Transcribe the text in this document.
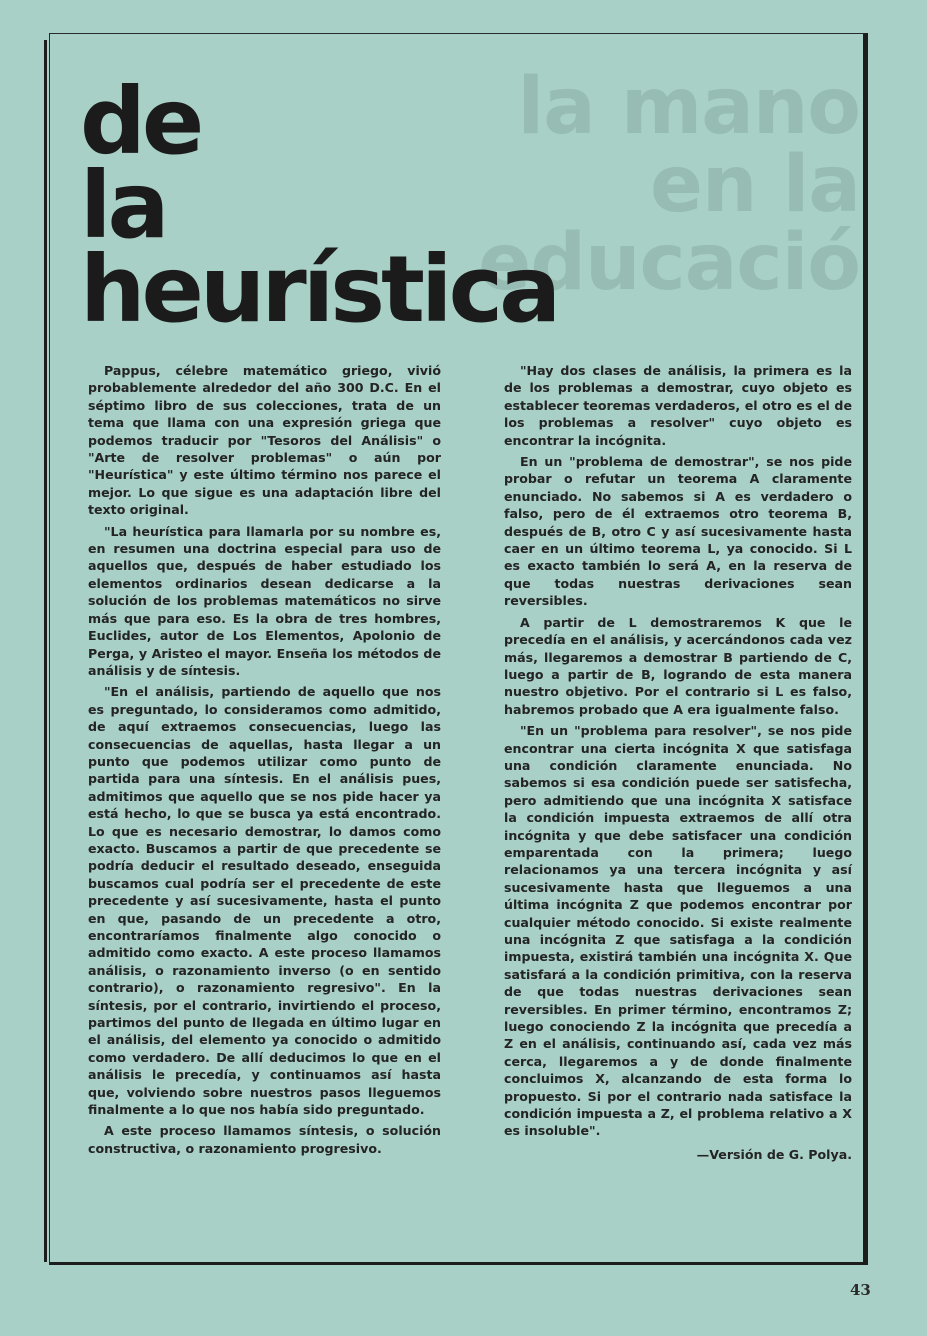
la mano
en la
educació
de
la
heurística

Pappus, célebre matemático griego, vivió probablemente alrededor del año 300 D.C. En el séptimo libro de sus colecciones, trata de un tema que llama con una expresión griega que podemos traducir por "Tesoros del Análisis" o "Arte de resolver problemas" o aún por "Heurística" y este último término nos parece el mejor. Lo que sigue es una adaptación libre del texto original.

"La heurística para llamarla por su nombre es, en resumen una doctrina especial para uso de aquellos que, después de haber estudiado los elementos ordinarios desean dedicarse a la solución de los problemas matemáticos no sirve más que para eso. Es la obra de tres hombres, Euclides, autor de Los Elementos, Apolonio de Perga, y Aristeo el mayor. Enseña los métodos de análisis y de síntesis.

"En el análisis, partiendo de aquello que nos es preguntado, lo consideramos como admitido, de aquí extraemos consecuencias, luego las consecuencias de aquellas, hasta llegar a un punto que podemos utilizar como punto de partida para una síntesis. En el análisis pues, admitimos que aquello que se nos pide hacer ya está hecho, lo que se busca ya está encontrado. Lo que es necesario demostrar, lo damos como exacto. Buscamos a partir de que precedente se podría deducir el resultado deseado, enseguida buscamos cual podría ser el precedente de este precedente y así sucesivamente, hasta el punto en que, pasando de un precedente a otro, encontraríamos finalmente algo conocido o admitido como exacto. A este proceso llamamos análisis, o razonamiento inverso (o en sentido contrario), o razonamiento regresivo". En la síntesis, por el contrario, invirtiendo el proceso, partimos del punto de llegada en último lugar en el análisis, del elemento ya conocido o admitido como verdadero. De allí deducimos lo que en el análisis le precedía, y continuamos así hasta que, volviendo sobre nuestros pasos lleguemos finalmente a lo que nos había sido preguntado.

A este proceso llamamos síntesis, o solución constructiva, o razonamiento progresivo.

"Hay dos clases de análisis, la primera es la de los problemas a demostrar, cuyo objeto es establecer teoremas verdaderos, el otro es el de los problemas a resolver" cuyo objeto es encontrar la incógnita.

En un "problema de demostrar", se nos pide probar o refutar un teorema A claramente enunciado. No sabemos si A es verdadero o falso, pero de él extraemos otro teorema B, después de B, otro C y así sucesivamente hasta caer en un último teorema L, ya conocido. Si L es exacto también lo será A, en la reserva de que todas nuestras derivaciones sean reversibles.

A partir de L demostraremos K que le precedía en el análisis, y acercándonos cada vez más, llegaremos a demostrar B partiendo de C, luego a partir de B, logrando de esta manera nuestro objetivo. Por el contrario si L es falso, habremos probado que A era igualmente falso.

"En un "problema para resolver", se nos pide encontrar una cierta incógnita X que satisfaga una condición claramente enunciada. No sabemos si esa condición puede ser satisfecha, pero admitiendo que una incógnita X satisface la condición impuesta extraemos de allí otra incógnita y que debe satisfacer una condición emparentada con la primera; luego relacionamos ya una tercera incógnita y así sucesivamente hasta que lleguemos a una última incógnita Z que podemos encontrar por cualquier método conocido. Si existe realmente una incógnita Z que satisfaga a la condición impuesta, existirá también una incógnita X. Que satisfará a la condición primitiva, con la reserva de que todas nuestras derivaciones sean reversibles. En primer término, encontramos Z; luego conociendo Z la incógnita que precedía a Z en el análisis, continuando así, cada vez más cerca, llegaremos a y de donde finalmente concluimos X, alcanzando de esta forma lo propuesto. Si por el contrario nada satisface la condición impuesta a Z, el problema relativo a X es insoluble".

—Versión de G. Polya.

43
